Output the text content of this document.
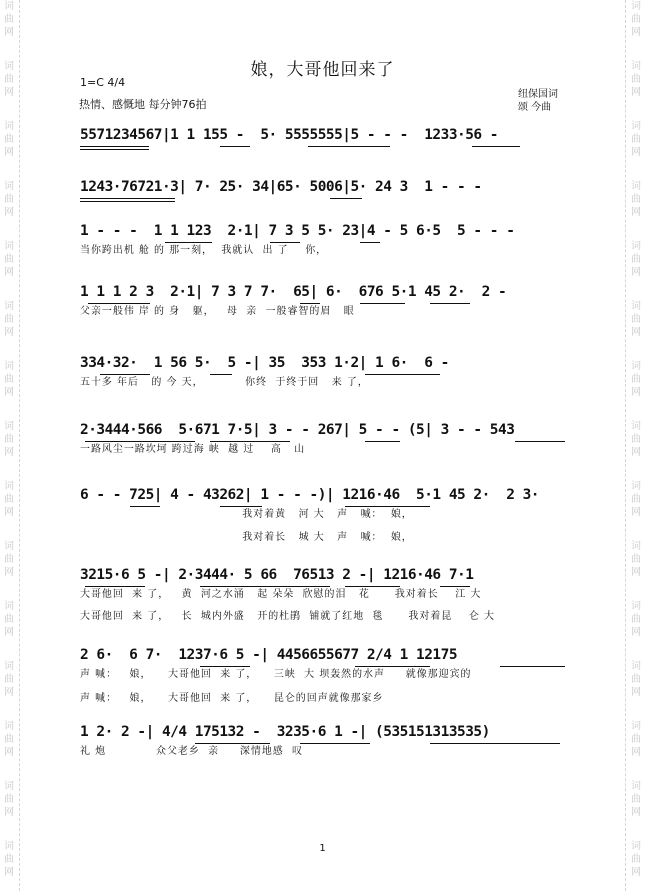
词
曲
网
词
曲
网
词
曲
网
词
曲
网
词
曲
网
词
曲
网
词
曲
网
词
曲
网
词
曲
网
词
曲
网
词
曲
网
词
曲
网
词
曲
网
词
曲
网
词
曲
网
词
曲
网
词
曲
网
词
曲
网
词
曲
网
词
曲
网
词
曲
网
词
曲
网
词
曲
网
词
曲
网
词
曲
网
词
曲
网
词
曲
网
词
曲
网
词
曲
网
词
曲
网
娘，大哥他回来了
1=C 4/4
热情、感慨地 每分钟76拍
纽保国词
颂 今曲
5571234567|1 1 155 -  5· 5555555|5 - - -  1233·56 -
1243·76721·3| 7· 25· 34|65· 5006|5· 24 3  1 - - -
1 - - -  1 1 123  2·1| 7 3 5 5· 23|4 - 5 6·5  5 - - -
当你跨出机 舱 的 那一刻，  我就认  出 了    你，
1 1 1 2 3  2·1| 7 3 7 7·  65| 6·  676 5·1 45 2·  2 -
父亲一般伟 岸 的 身   躯，   母  亲  一般睿智的眉   眼
334·32·  1 56 5·  5 -| 35  353 1·2| 1 6·  6 -
五十多 年后   的 今 天，          你终  于终于回   来 了，
2·3444·566  5·671 7·5| 3 - - 267| 5 - - (5| 3 - - 543
一路风尘一路坎坷 跨过海 峡  越 过    高   山
6 - - 725| 4 - 43262| 1 - - -)| 1216·46  5·1 45 2·  2 3·
我对着黄   河 大   声   喊：  娘，
我对着长   城 大   声   喊：  娘，
3215·6 5 -| 2·3444· 5 66  76513 2 -| 1216·46 7·1
大哥他回  来 了，   黄  河之水涌   起 朵朵  欣慰的泪   花      我对着长    江 大
大哥他回  来 了，   长  城内外盛   开的杜鹃  铺就了红地  毯      我对着昆    仑 大
2 6·  6 7·  1237·6 5 -| 4456655677 2/4 1 12175
声 喊：   娘，    大哥他回  来 了，    三峡  大 坝轰然的水声     就像那迎宾的
声 喊：   娘，    大哥他回  来 了，    昆仑的回声就像那家乡
1 2· 2 -| 4/4 175132 -  3235·6 1 -| (535151313535)
礼 炮            众父老乡  亲     深情地感  叹
1
